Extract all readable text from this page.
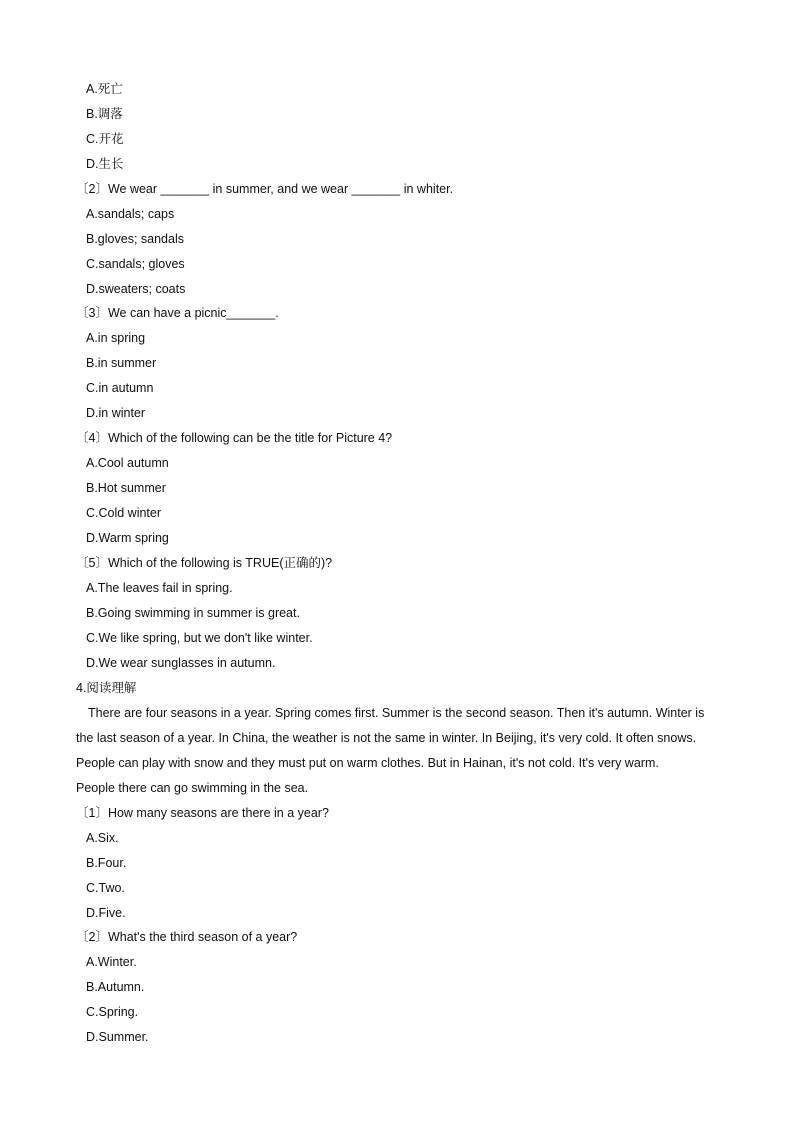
A.死亡
B.调落
C.开花
D.生长
〔2〕We wear _______ in summer, and we wear _______ in whiter.
A.sandals; caps
B.gloves; sandals
C.sandals; gloves
D.sweaters; coats
〔3〕We can have a picnic_______.
A.in spring
B.in summer
C.in autumn
D.in winter
〔4〕Which of the following can be the title for Picture 4?
A.Cool autumn
B.Hot summer
C.Cold winter
D.Warm spring
〔5〕Which of the following is TRUE(正确的)?
A.The leaves fail in spring.
B.Going swimming in summer is great.
C.We like spring, but we don't like winter.
D.We wear sunglasses in autumn.
4.阅读理解
There are four seasons in a year. Spring comes first. Summer is the second season. Then it's autumn. Winter is
the last season of a year. In China, the weather is not the same in winter. In Beijing, it's very cold. It often snows.
People can play with snow and they must put on warm clothes. But in Hainan, it's not cold. It's very warm.
People there can go swimming in the sea.
〔1〕How many seasons are there in a year?
A.Six.
B.Four.
C.Two.
D.Five.
〔2〕What's the third season of a year?
A.Winter.
B.Autumn.
C.Spring.
D.Summer.
